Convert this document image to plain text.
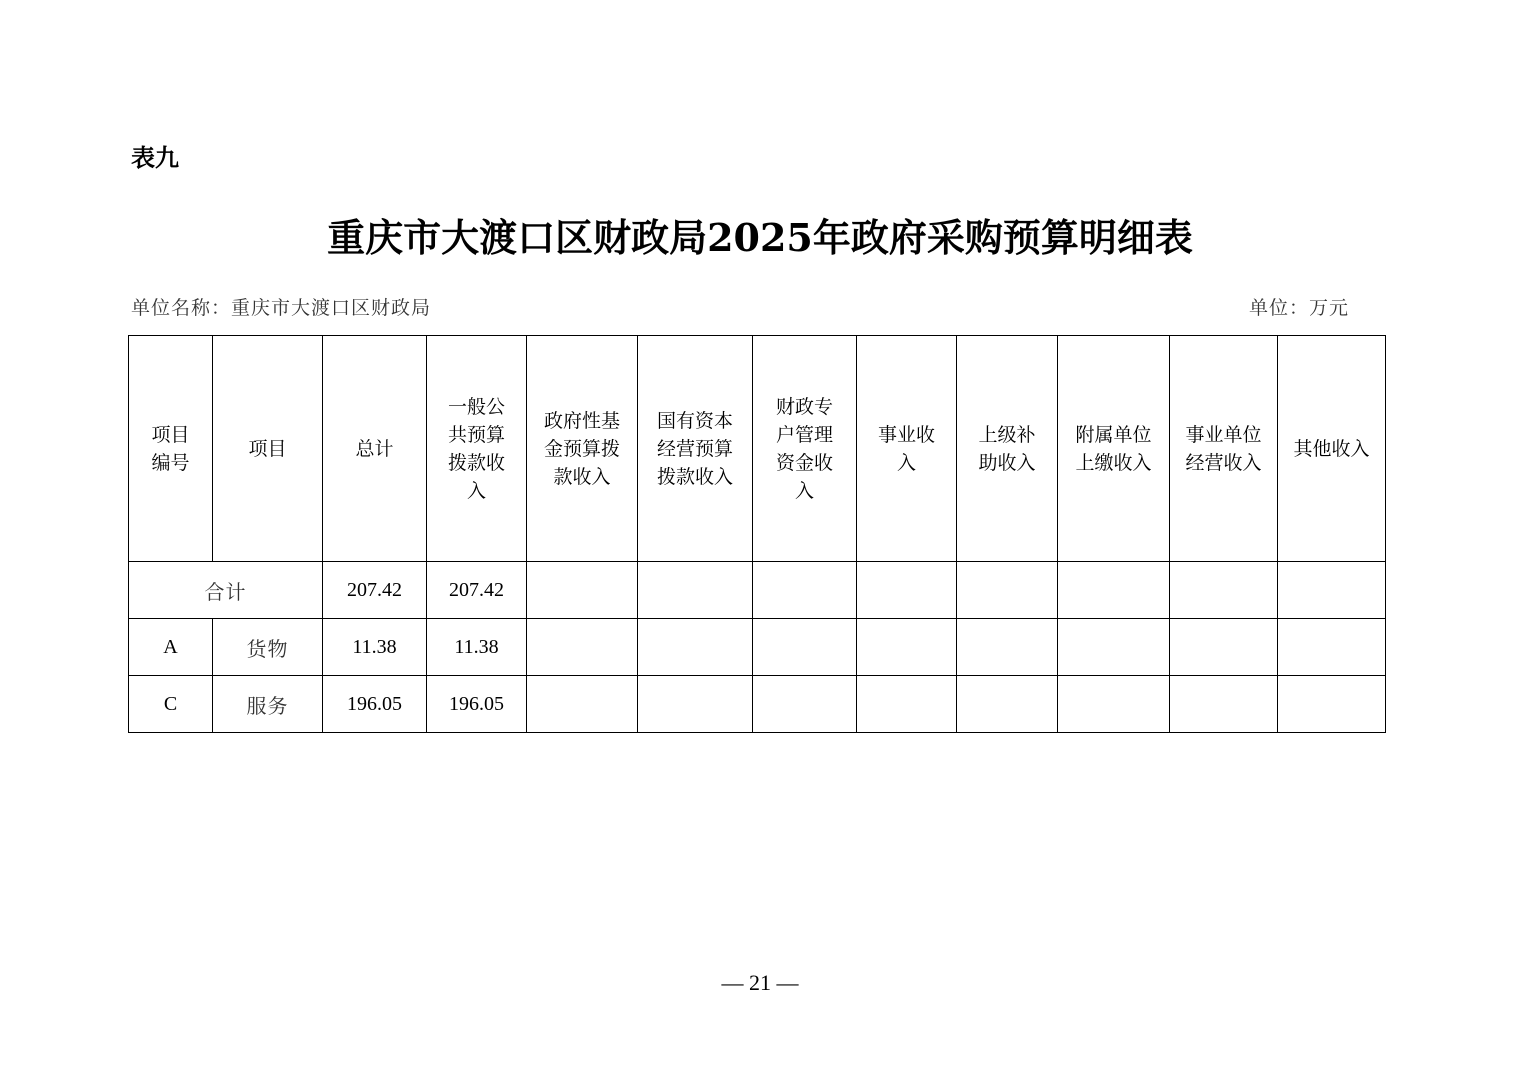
表九
重庆市大渡口区财政局2025年政府采购预算明细表
单位名称：重庆市大渡口区财政局	单位：万元
项目编号	项目	总计	一般公共预算拨款收入	政府性基金预算拨款收入	国有资本经营预算拨款收入	财政专户管理资金收入	事业收入	上级补助收入	附属单位上缴收入	事业单位经营收入	其他收入
合计		207.42	207.42								
A	货物	11.38	11.38								
C	服务	196.05	196.05								
— 21 —
